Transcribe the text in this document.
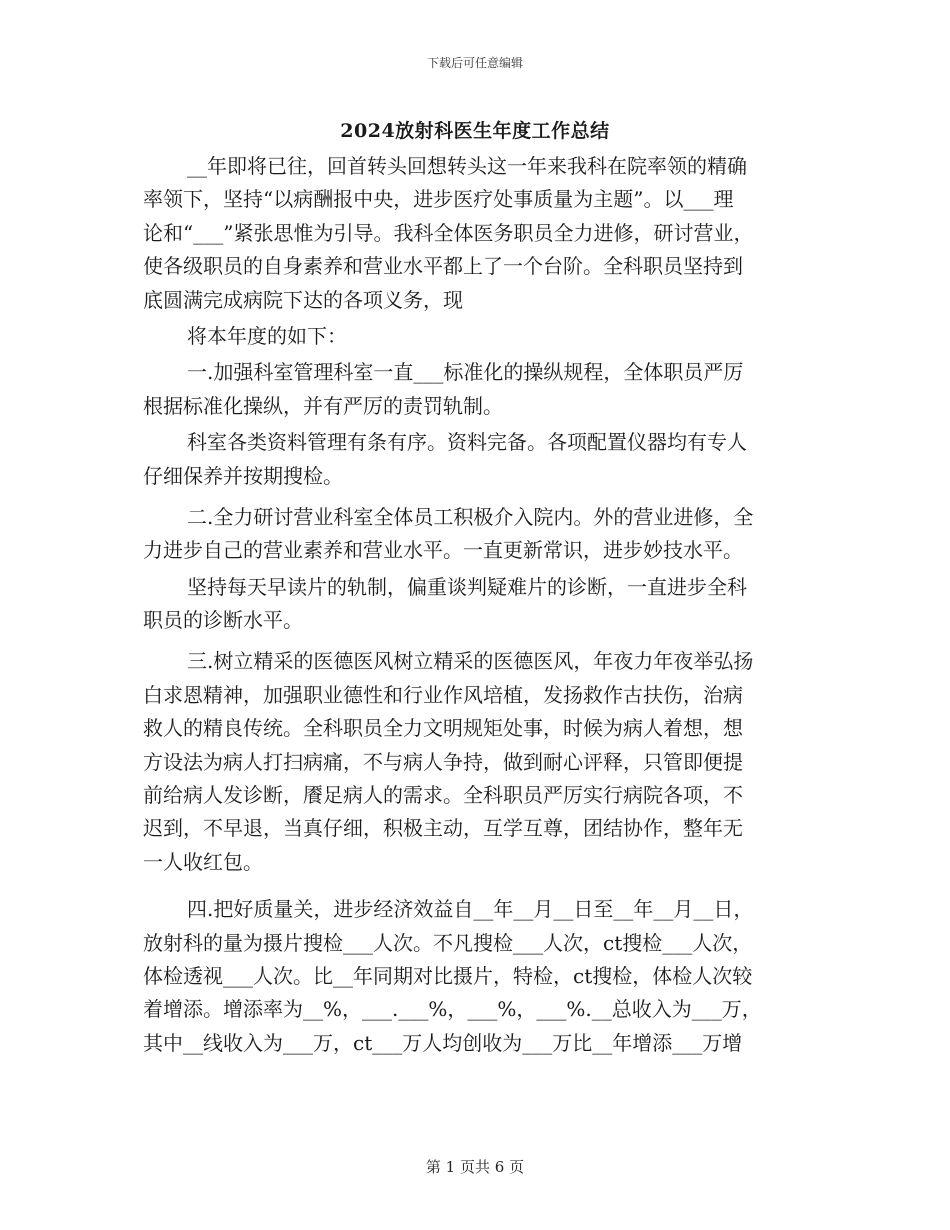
下载后可任意编辑
2024放射科医生年度工作总结
__年即将已往，回首转头回想转头这一年来我科在院率领的精确
率领下，坚持“以病酬报中央，进步医疗处事质量为主题”。以___理
论和“___”紧张思惟为引导。我科全体医务职员全力进修，研讨营业，
使各级职员的自身素养和营业水平都上了一个台阶。全科职员坚持到
底圆满完成病院下达的各项义务，现
将本年度的如下：
一.加强科室管理科室一直___标准化的操纵规程，全体职员严厉
根据标准化操纵，并有严厉的责罚轨制。
科室各类资料管理有条有序。资料完备。各项配置仪器均有专人
仔细保养并按期搜检。
二.全力研讨营业科室全体员工积极介入院内。外的营业进修，全
力进步自己的营业素养和营业水平。一直更新常识，进步妙技水平。
坚持每天早读片的轨制，偏重谈判疑难片的诊断，一直进步全科
职员的诊断水平。
三.树立精采的医德医风树立精采的医德医风，年夜力年夜举弘扬
白求恩精神，加强职业德性和行业作风培植，发扬救作古扶伤，治病
救人的精良传统。全科职员全力文明规矩处事，时候为病人着想，想
方设法为病人打扫病痛，不与病人争持，做到耐心评释，只管即便提
前给病人发诊断，餍足病人的需求。全科职员严厉实行病院各项，不
迟到，不早退，当真仔细，积极主动，互学互尊，团结协作，整年无
一人收红包。
四.把好质量关，进步经济效益自__年__月__日至__年__月__日，
放射科的量为摄片搜检___人次。不凡搜检___人次，ct搜检___人次，
体检透视___人次。比__年同期对比摄片，特检，ct搜检，体检人次较
着增添。增添率为__%，___.___%，___%，___%.__总收入为___万，
其中__线收入为___万，ct___万人均创收为___万比__年增添___万增
第 1 页共 6 页
